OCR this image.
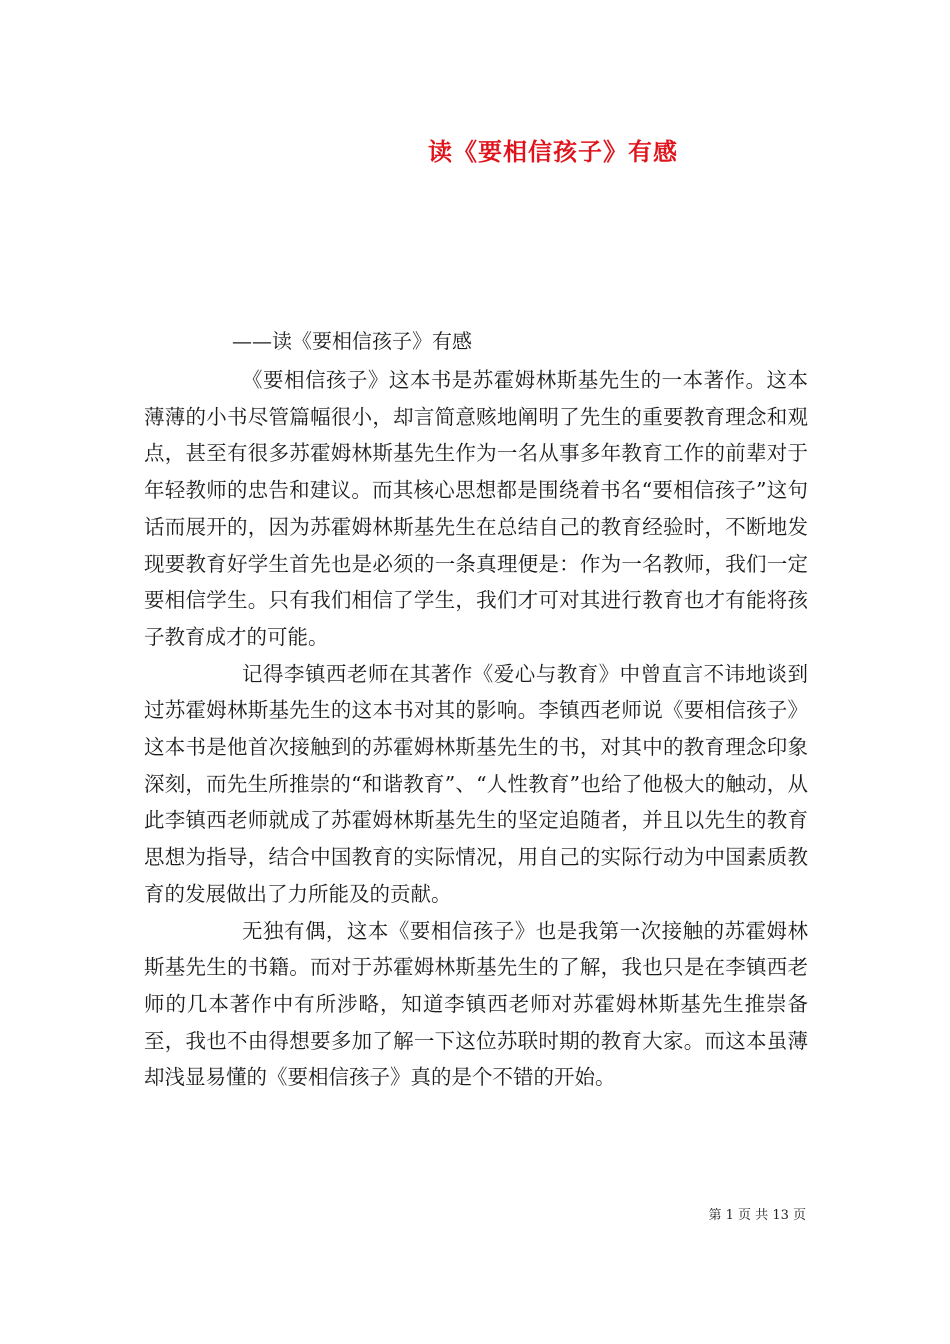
读《要相信孩子》有感
——读《要相信孩子》有感

《要相信孩子》这本书是苏霍姆林斯基先生的一本著作。这本薄薄的小书尽管篇幅很小，却言简意赅地阐明了先生的重要教育理念和观点，甚至有很多苏霍姆林斯基先生作为一名从事多年教育工作的前辈对于年轻教师的忠告和建议。而其核心思想都是围绕着书名“要相信孩子”这句话而展开的，因为苏霍姆林斯基先生在总结自己的教育经验时，不断地发现要教育好学生首先也是必须的一条真理便是：作为一名教师，我们一定要相信学生。只有我们相信了学生，我们才可对其进行教育也才有能将孩子教育成才的可能。

记得李镇西老师在其著作《爱心与教育》中曾直言不讳地谈到过苏霍姆林斯基先生的这本书对其的影响。李镇西老师说《要相信孩子》这本书是他首次接触到的苏霍姆林斯基先生的书，对其中的教育理念印象深刻，而先生所推崇的“和谐教育”、“人性教育”也给了他极大的触动，从此李镇西老师就成了苏霍姆林斯基先生的坚定追随者，并且以先生的教育思想为指导，结合中国教育的实际情况，用自己的实际行动为中国素质教育的发展做出了力所能及的贡献。

无独有偶，这本《要相信孩子》也是我第一次接触的苏霍姆林斯基先生的书籍。而对于苏霍姆林斯基先生的了解，我也只是在李镇西老师的几本著作中有所涉略，知道李镇西老师对苏霍姆林斯基先生推崇备至，我也不由得想要多加了解一下这位苏联时期的教育大家。而这本虽薄却浅显易懂的《要相信孩子》真的是个不错的开始。

第 1 页 共 13 页
